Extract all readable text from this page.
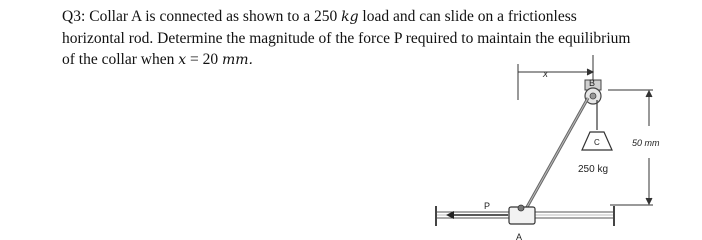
Q3: Collar A is connected as shown to a 250 kg load and can slide on a frictionless
horizontal rod. Determine the magnitude of the force P required to maintain the equilibrium
of the collar when x = 20 mm.

x
B
C
250 kg
50 mm
A
P
